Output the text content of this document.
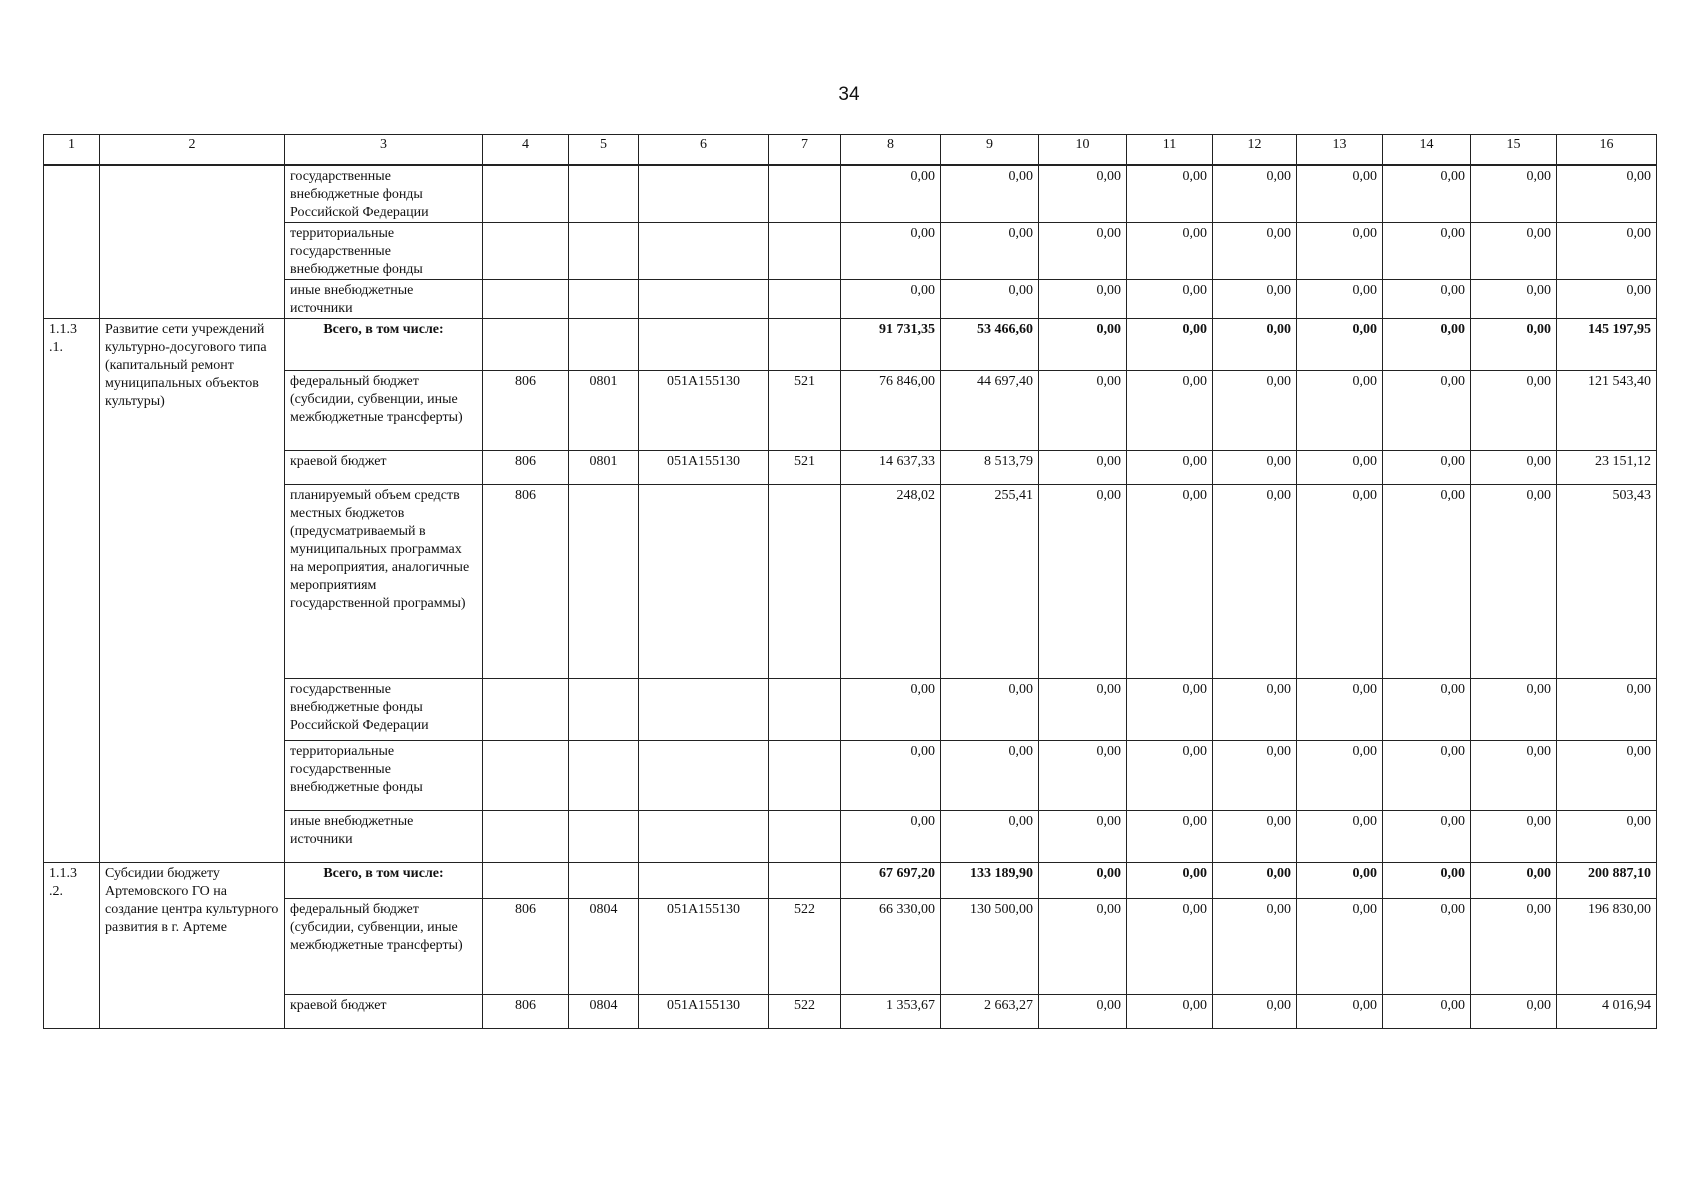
34
1	2	3	4	5	6	7	8	9	10	11	12	13	14	15	16
		государственные внебюджетные фонды Российской Федерации					0,00	0,00	0,00	0,00	0,00	0,00	0,00	0,00	0,00
		территориальные государственные внебюджетные фонды					0,00	0,00	0,00	0,00	0,00	0,00	0,00	0,00	0,00
		иные внебюджетные источники					0,00	0,00	0,00	0,00	0,00	0,00	0,00	0,00	0,00
1.1.3 .1.	Развитие сети учреждений культурно-досугового типа (капитальный ремонт муниципальных объектов культуры)	Всего, в том числе:					91 731,35	53 466,60	0,00	0,00	0,00	0,00	0,00	0,00	145 197,95
		федеральный бюджет (субсидии, субвенции, иные межбюджетные трансферты)	806	0801	051A155130	521	76 846,00	44 697,40	0,00	0,00	0,00	0,00	0,00	0,00	121 543,40
		краевой бюджет	806	0801	051A155130	521	14 637,33	8 513,79	0,00	0,00	0,00	0,00	0,00	0,00	23 151,12
		планируемый объем средств местных бюджетов (предусматриваемый в муниципальных программах на мероприятия, аналогичные мероприятиям государственной программы)	806				248,02	255,41	0,00	0,00	0,00	0,00	0,00	0,00	503,43
		государственные внебюджетные фонды Российской Федерации					0,00	0,00	0,00	0,00	0,00	0,00	0,00	0,00	0,00
		территориальные государственные внебюджетные фонды					0,00	0,00	0,00	0,00	0,00	0,00	0,00	0,00	0,00
		иные внебюджетные источники					0,00	0,00	0,00	0,00	0,00	0,00	0,00	0,00	0,00
1.1.3 .2.	Субсидии бюджету Артемовского ГО на создание центра культурного развития в г. Артеме	Всего, в том числе:					67 697,20	133 189,90	0,00	0,00	0,00	0,00	0,00	0,00	200 887,10
		федеральный бюджет (субсидии, субвенции, иные межбюджетные трансферты)	806	0804	051A155130	522	66 330,00	130 500,00	0,00	0,00	0,00	0,00	0,00	0,00	196 830,00
		краевой бюджет	806	0804	051A155130	522	1 353,67	2 663,27	0,00	0,00	0,00	0,00	0,00	0,00	4 016,94
